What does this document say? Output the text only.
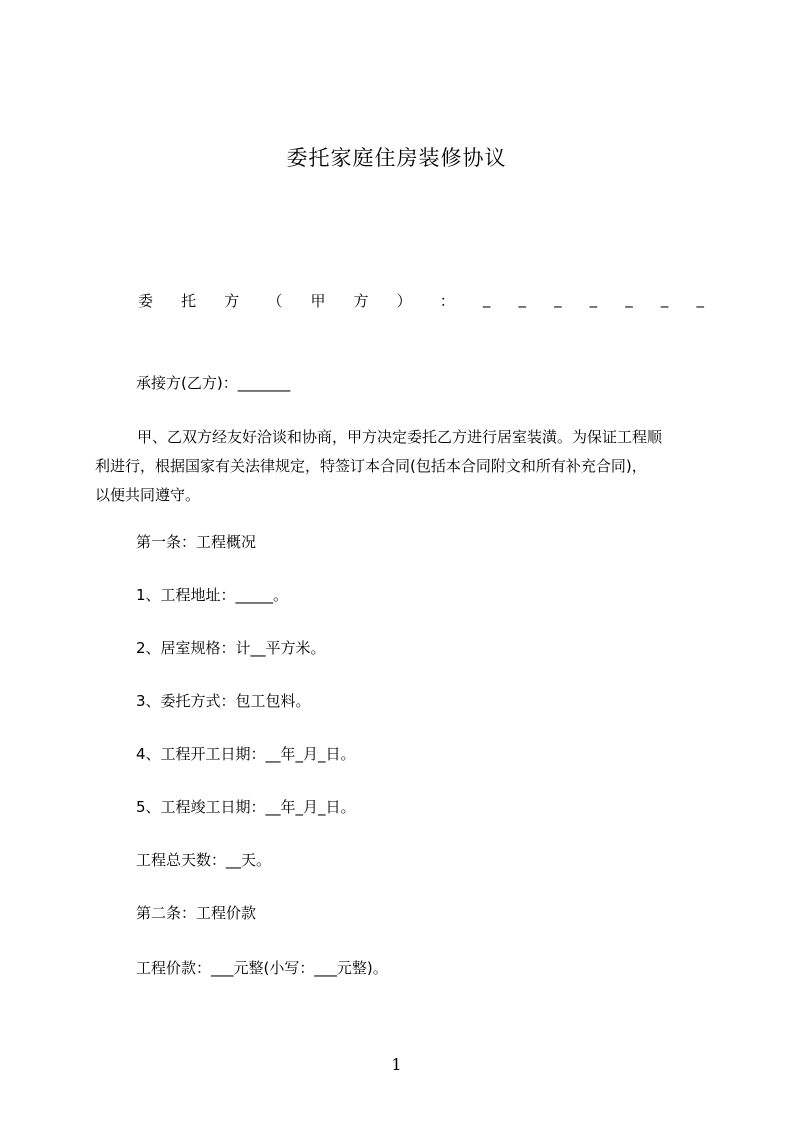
委托家庭住房装修协议
委 托 方 （ 甲 方 ） ： _ _ _ _ _ _ _
承接方(乙方)：_______
甲、乙双方经友好洽谈和协商，甲方决定委托乙方进行居室装潢。为保证工程顺
利进行，根据国家有关法律规定，特签订本合同(包括本合同附文和所有补充合同)，
以便共同遵守。
第一条：工程概况
1、工程地址：_____。
2、居室规格：计__平方米。
3、委托方式：包工包料。
4、工程开工日期：__年_月_日。
5、工程竣工日期：__年_月_日。
工程总天数：__天。
第二条：工程价款
工程价款：___元整(小写：___元整)。
1
